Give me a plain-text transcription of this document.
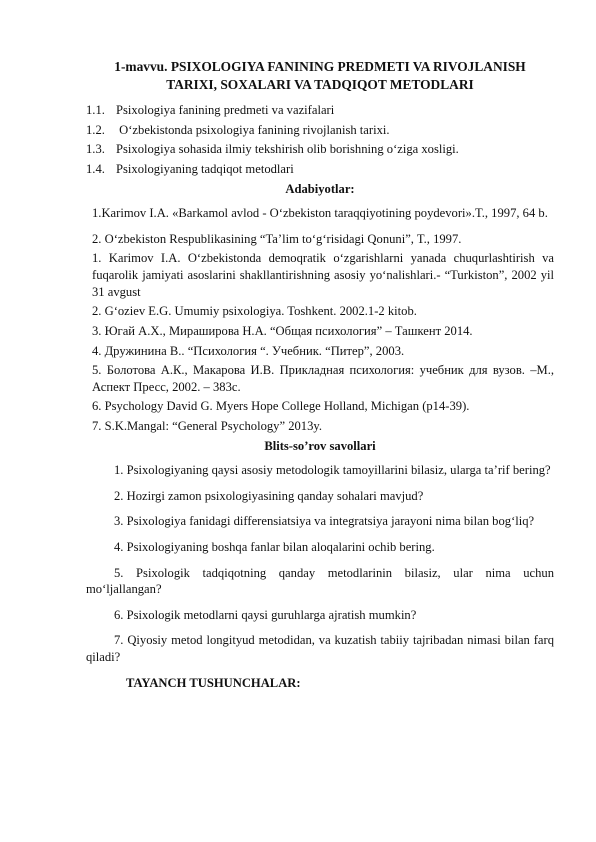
1-mavvu. PSIXOLOGIYA FANINING PREDMETI VA RIVOJLANISH
TARIXI, SOXALARI VA TADQIQOT METODLARI
1.1. Psixologiya fanining predmeti va vazifalari
1.2. O‘zbekistonda psixologiya fanining rivojlanish tarixi.
1.3. Psixologiya sohasida ilmiy tekshirish olib borishning o‘ziga xosligi.
1.4. Psixologiyaning tadqiqot metodlari
Adabiyotlar:
1.Karimov I.A. «Barkamol avlod - O‘zbekiston taraqqiyotining poydevori».T., 1997, 64 b.
2. O‘zbekiston Respublikasining “Ta’lim to‘g‘risidagi Qonuni”, T., 1997.
1. Karimov I.A. O‘zbekistonda demoqratik o‘zgarishlarni yanada chuqurlashtirish va fuqarolik jamiyati asoslarini shakllantirishning asosiy yo‘nalishlari.- “Turkiston”, 2002 yil 31 avgust
2. G‘oziev E.G. Umumiy psixologiya. Toshkent. 2002.1-2 kitob.
3. Югай А.Х., Мираширова Н.А. “Общая психология” – Ташкент 2014.
4. Дружинина В.. “Психология “. Учебник. “Питер”, 2003.
5. Болотова А.К., Макарова И.В. Прикладная психология: учебник для вузов. –М., Аспект Пресс, 2002. – 383с.
6. Psychology David G. Myers Hope College Holland, Michigan (p14-39).
7. S.K.Mangal: “General Psychology” 2013y.
Blits-so’rov savollari
1. Psixologiyaning qaysi asosiy metodologik tamoyillarini bilasiz, ularga ta’rif bering?
2. Hozirgi zamon psixologiyasining qanday sohalari mavjud?
3. Psixologiya fanidagi differensiatsiya va integratsiya jarayoni nima bilan bog‘liq?
4. Psixologiyaning boshqa fanlar bilan aloqalarini ochib bering.
5. Psixologik tadqiqotning qanday metodlarinin bilasiz, ular nima uchun mo‘ljallangan?
6. Psixologik metodlarni qaysi guruhlarga ajratish mumkin?
7. Qiyosiy metod longityud metodidan, va kuzatish tabiiy tajribadan nimasi bilan farq qiladi?
TAYANCH TUSHUNCHALAR:
